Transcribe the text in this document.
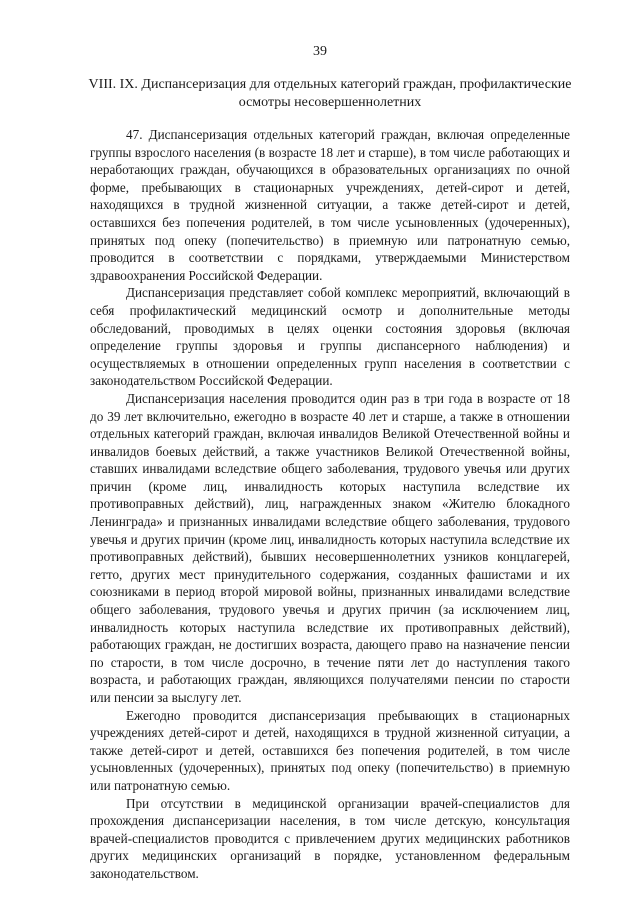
39
VIII. IX. Диспансеризация для отдельных категорий граждан, профилактические осмотры несовершеннолетних

47. Диспансеризация отдельных категорий граждан, включая определенные группы взрослого населения (в возрасте 18 лет и старше), в том числе работающих и неработающих граждан, обучающихся в образовательных организациях по очной форме, пребывающих в стационарных учреждениях, детей-сирот и детей, находящихся в трудной жизненной ситуации, а также детей-сирот и детей, оставшихся без попечения родителей, в том числе усыновленных (удочеренных), принятых под опеку (попечительство) в приемную или патронатную семью, проводится в соответствии с порядками, утверждаемыми Министерством здравоохранения Российской Федерации.

Диспансеризация представляет собой комплекс мероприятий, включающий в себя профилактический медицинский осмотр и дополнительные методы обследований, проводимых в целях оценки состояния здоровья (включая определение группы здоровья и группы диспансерного наблюдения) и осуществляемых в отношении определенных групп населения в соответствии с законодательством Российской Федерации.

Диспансеризация населения проводится один раз в три года в возрасте от 18 до 39 лет включительно, ежегодно в возрасте 40 лет и старше, а также в отношении отдельных категорий граждан, включая инвалидов Великой Отечественной войны и инвалидов боевых действий, а также участников Великой Отечественной войны, ставших инвалидами вследствие общего заболевания, трудового увечья или других причин (кроме лиц, инвалидность которых наступила вследствие их противоправных действий), лиц, награжденных знаком «Жителю блокадного Ленинграда» и признанных инвалидами вследствие общего заболевания, трудового увечья и других причин (кроме лиц, инвалидность которых наступила вследствие их противоправных действий), бывших несовершеннолетних узников концлагерей, гетто, других мест принудительного содержания, созданных фашистами и их союзниками в период второй мировой войны, признанных инвалидами вследствие общего заболевания, трудового увечья и других причин (за исключением лиц, инвалидность которых наступила вследствие их противоправных действий), работающих граждан, не достигших возраста, дающего право на назначение пенсии по старости, в том числе досрочно, в течение пяти лет до наступления такого возраста, и работающих граждан, являющихся получателями пенсии по старости или пенсии за выслугу лет.

Ежегодно проводится диспансеризация пребывающих в стационарных учреждениях детей-сирот и детей, находящихся в трудной жизненной ситуации, а также детей-сирот и детей, оставшихся без попечения родителей, в том числе усыновленных (удочеренных), принятых под опеку (попечительство) в приемную или патронатную семью.

При отсутствии в медицинской организации врачей-специалистов для прохождения диспансеризации населения, в том числе детскую, консультация врачей-специалистов проводится с привлечением других медицинских работников других медицинских организаций в порядке, установленном федеральным законодательством.
